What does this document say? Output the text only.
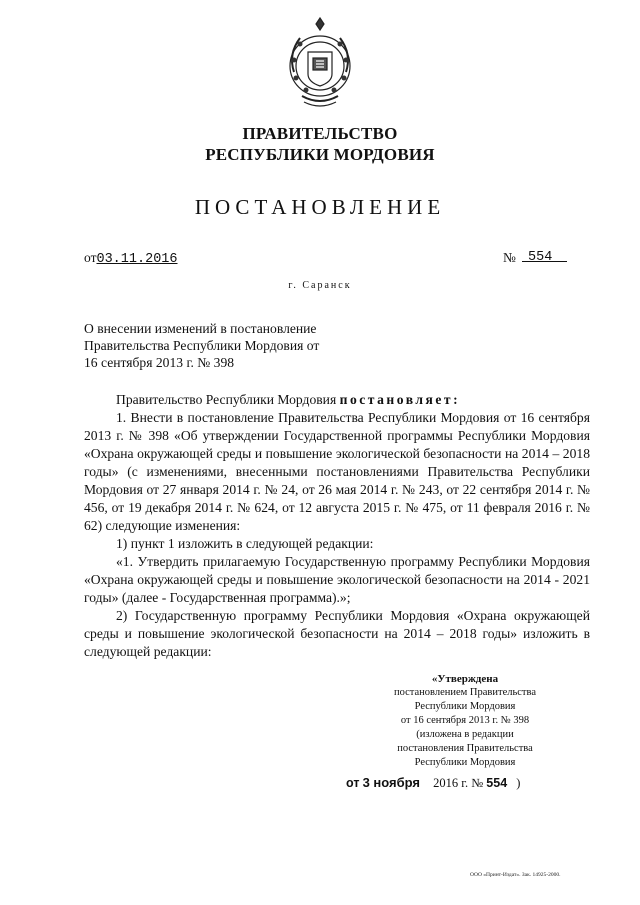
ПРАВИТЕЛЬСТВО
РЕСПУБЛИКИ МОРДОВИЯ
ПОСТАНОВЛЕНИЕ
от03.11.2016	№ 554
г. Саранск
О внесении изменений в постановление
Правительства Республики Мордовия от
16 сентября 2013 г. № 398
Правительство Республики Мордовия постановляет:

1. Внести в постановление Правительства Республики Мордовия от 16 сентября 2013 г. № 398 «Об утверждении Государственной программы Республики Мордовия «Охрана окружающей среды и повышение экологической безопасности на 2014 – 2018 годы» (с изменениями, внесенными постановлениями Правительства Республики Мордовия от 27 января 2014 г. № 24, от 26 мая 2014 г. № 243, от 22 сентября 2014 г. № 456, от 19 декабря 2014 г. № 624, от 12 августа 2015 г. № 475, от 11 февраля 2016 г. № 62) следующие изменения:

1) пункт 1 изложить в следующей редакции:

«1. Утвердить прилагаемую Государственную программу Республики Мордовия «Охрана окружающей среды и повышение экологической безопасности на 2014 - 2021 годы» (далее - Государственная программа).»;

2) Государственную программу Республики Мордовия «Охрана окружающей среды и повышение экологической безопасности на 2014 – 2018 годы» изложить в следующей редакции:

«Утверждена
постановлением Правительства
Республики Мордовия
от 16 сентября 2013 г. № 398
(изложена в редакции
постановления Правительства
Республики Мордовия
от 3 ноября 2016 г. № 554 )
ООО «Принт-Издат». Зак. 14925-2000.
